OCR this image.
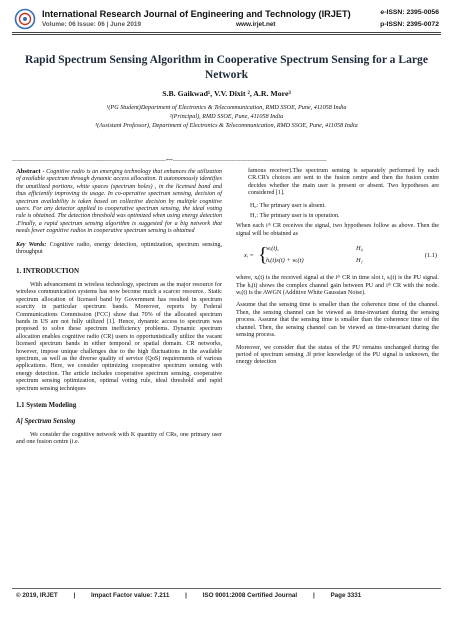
International Research Journal of Engineering and Technology (IRJET)
Volume: 06 Issue: 06 | June 2019	www.irjet.net
e-ISSN: 2395-0056
p-ISSN: 2395-0072
Rapid Spectrum Sensing Algorithm in Cooperative Spectrum Sensing for a Large Network
S.B. Gaikwad¹, V.V. Dixit ², A.R. More³
¹(PG Student)Department of Electronics & Telecommunication, RMD SSOE, Pune, 411058 India
²(Principal), RMD SSOE, Pune, 411058 India
³(Assistant Professor), Department of Electronics & Telecommunication, RMD SSOE, Pune, 411058 India
---------------------------------------------------------------------------------------------------------***---------------------------------------------------------------------------------------------------------

Abstract - Cognitive radio is an emerging technology that enhances the utilization of available spectrum through dynamic access allocation. It autonomously identifies the unutilized portions, white spaces (spectrum holes) , in the licensed band and thus efficiently improving its usage. In co-operative spectrum sensing, decision of spectrum availability is taken based on collective decision by multiple cognitive users. For any detector applied to cooperative spectrum sensing, the ideal voting rule is obtained. The detection threshold was optimized when using energy detection .Finally, a rapid spectrum sensing algorithm is suggested for a big network that needs fewer cognitive radios in cooperative spectrum sensing is obtained

Key Words: Cognitive radio, energy detection, optimization, spectrum sensing, throughput

1. INTRODUCTION

With advancement in wireless technology, spectrum as the major resource for wireless communication systems has now become much a scarcer resource.. Static spectrum allocation of licensed band by Government has resulted in spectrum scarcity in particular spectrum bands. Moreover, reports by Federal Communications Commission (FCC) show that 70% of the allocated spectrum bands in US are not fully utilized [1]. Hence, dynamic access to spectrum was proposed to solve these spectrum inefficiency problems. Dynamic spectrum allocation enables cognitive radio (CR) users to opportunistically utilize the vacant licensed spectrum bands in either temporal or spatial domain. CR networks, however, impose unique challenges due to the high fluctuations in the available spectrum, as well as the diverse quality of service (QoS) requirements of various applications. Here, we consider optimizing cooperative spectrum sensing with energy detection. The article includes cooperative spectrum sensing, cooperative spectrum sensing optimization, optimal voting rule, ideal threshold and rapid spectrum sensing techniques

1.1 System Modeling
A] Spectrum Sensing

We consider the cognitive network with K quantity of CRs, one primary user and one fusion centre (i.e.

famous receiver).The spectrum sensing is separately performed by each CR.CR's choices are sent to the fusion centre and then the fusion centre decides whether the main user is present or absent. Two hypotheses are considered [1].

H₀: The primary user is absent.

H₁: The primary user is in operation.

When each iᵗʰ CR receives the signal, two hypotheses follow as above. Then the signal will be obtained as

xᵢ = {
wᵢ(t),
hᵢ(t)s(t) + wᵢ(t)
H₀
H₁
(1.1)

where, xᵢ(t) is the received signal at the iᵗʰ CR in time slot t, sᵢ(t) is the PU signal. The hᵢ(t) shows the complex channel gain between PU and iᵗʰ CR with the node. wᵢ(t) is the AWGN (Additive White Gaussian Noise).

Assume that the sensing time is smaller than the coherence time of the channel. Then, the sensing channel can be viewed as time-invariant during the sensing process. Assume that the sensing time is smaller than the coherence time of the channel. Then, the sensing channel can be viewed as time-invariant during the sensing process.

Moreover, we consider that the status of the PU remains unchanged during the period of spectrum sensing .If prior knowledge of the PU signal is unknown, the energy detection

© 2019, IRJET	|	Impact Factor value: 7.211	|	ISO 9001:2008 Certified Journal	|	Page 3331
